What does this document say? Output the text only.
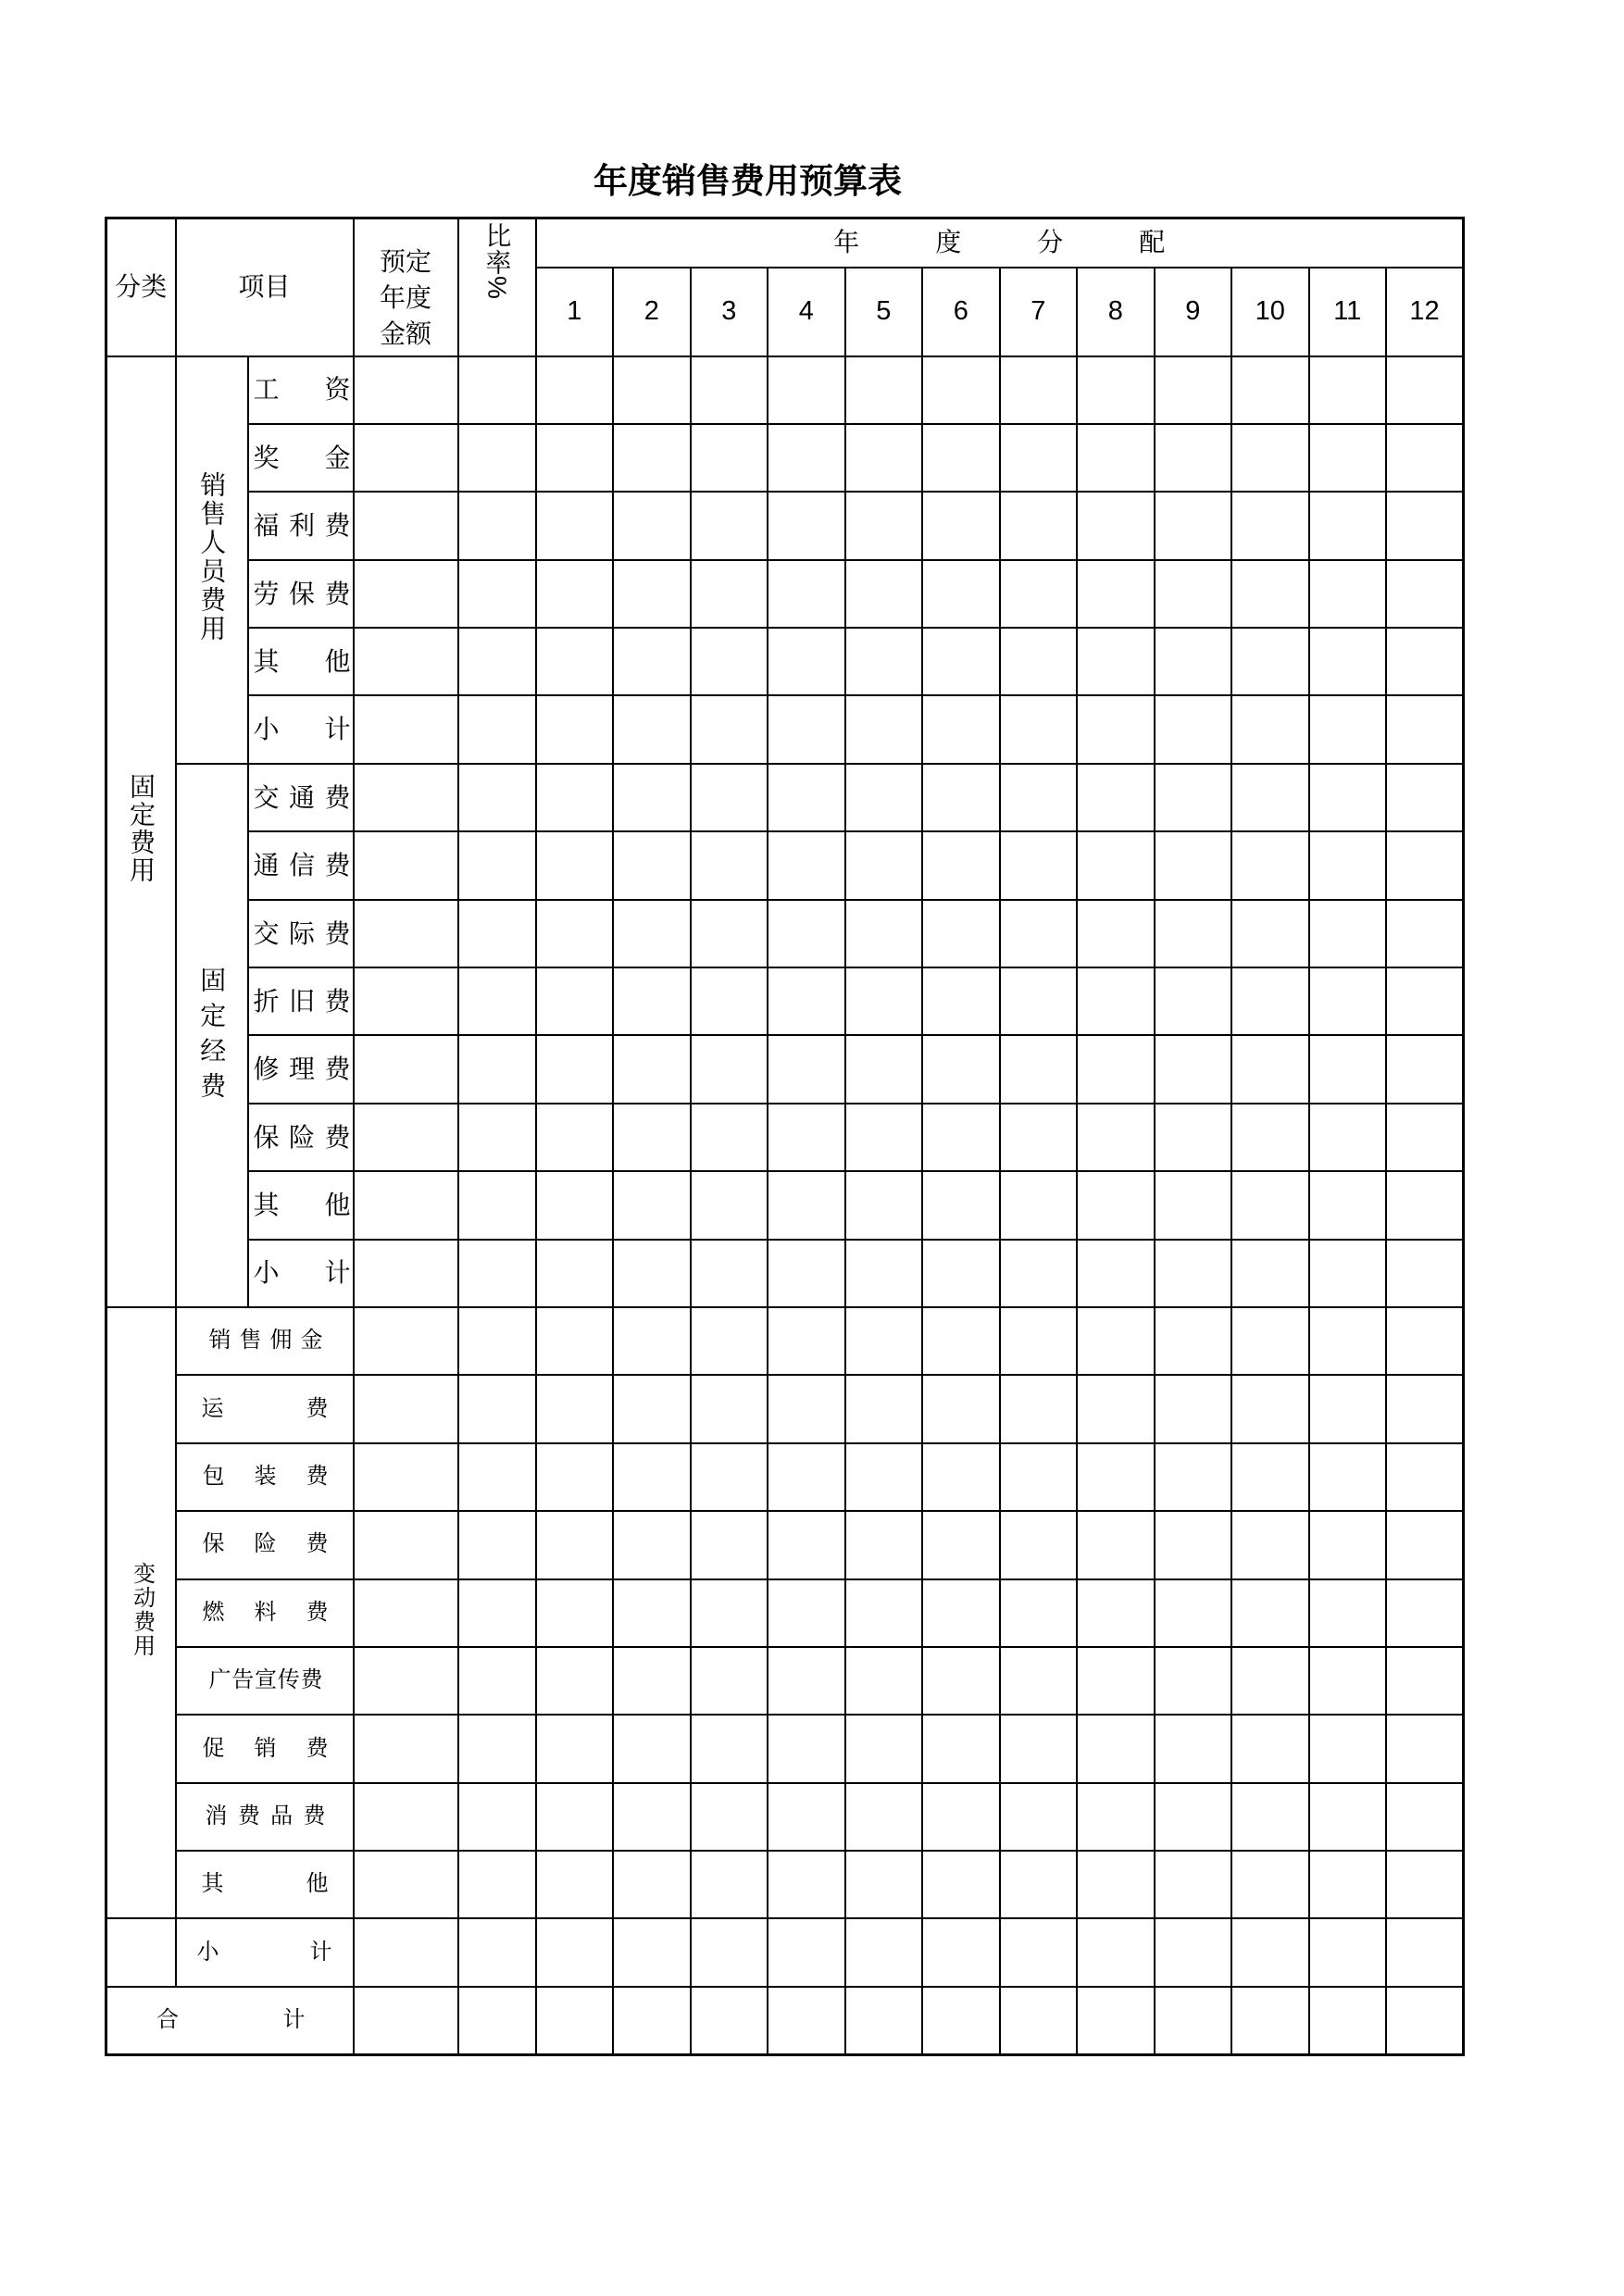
年度销售费用预算表
分类	项目		预定年度金额	比率%	年度分配											
					1	2	3	4	5	6	7	8	9	10	11	12
固定费用	销售人员费用	工资														
		奖金														
		福利费														
		劳保费														
		其他														
		小计														
	固定经费	交通费														
		通信费														
		交际费														
		折旧费														
		修理费														
		保险费														
		其他														
		小计														
变动费用	销售佣金															
	运费															
	包装费															
	保险费															
	燃料费															
	广告宣传费															
	促销费															
	消费品费															
	其他															
	小计															
合计																
